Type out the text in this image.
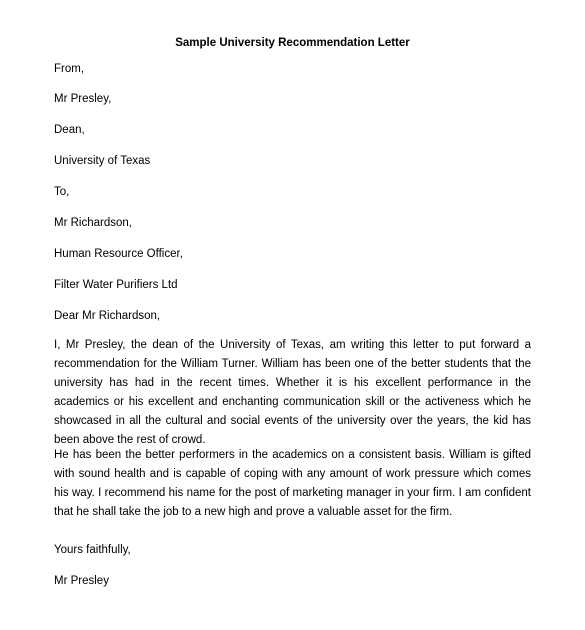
Sample University Recommendation Letter
From,
Mr Presley,
Dean,
University of Texas
To,
Mr Richardson,
Human Resource Officer,
Filter Water Purifiers Ltd
Dear Mr Richardson,
I, Mr Presley, the dean of the University of Texas, am writing this letter to put forward a recommendation for the William Turner. William has been one of the better students that the university has had in the recent times. Whether it is his excellent performance in the academics or his excellent and enchanting communication skill or the activeness which he showcased in all the cultural and social events of the university over the years, the kid has been above the rest of crowd.
He has been the better performers in the academics on a consistent basis. William is gifted with sound health and is capable of coping with any amount of work pressure which comes his way. I recommend his name for the post of marketing manager in your firm. I am confident that he shall take the job to a new high and prove a valuable asset for the firm.
Yours faithfully,
Mr Presley
